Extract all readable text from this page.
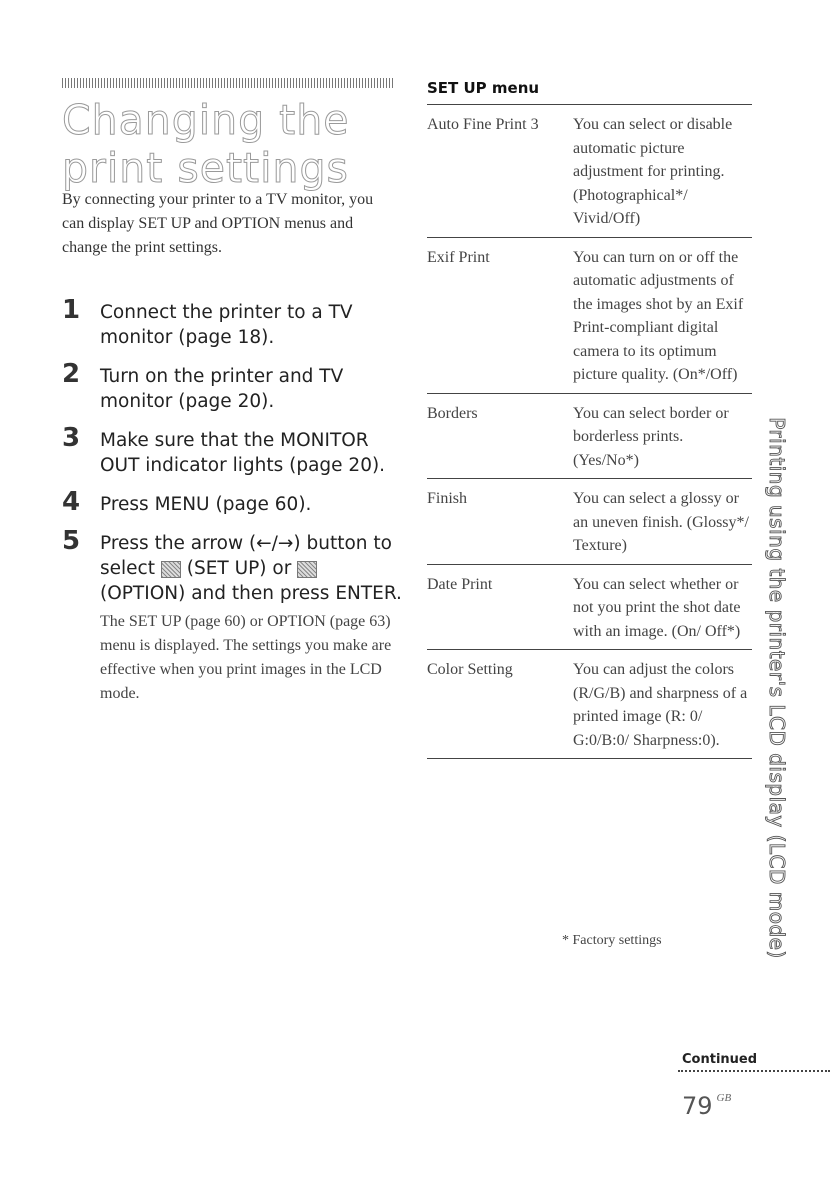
Changing the print settings

By connecting your printer to a TV monitor, you can display SET UP and OPTION menus and change the print settings.

1 Connect the printer to a TV monitor (page 18).
2 Turn on the printer and TV monitor (page 20).
3 Make sure that the MONITOR OUT indicator lights (page 20).
4 Press MENU (page 60).
5 Press the arrow (←/→) button to select (SET UP) or  (OPTION) and then press ENTER.
The SET UP (page 60) or OPTION (page 63) menu is displayed. The settings you make are effective when you print images in the LCD mode.
SET UP menu
Auto Fine Print 3	You can select or disable automatic picture adjustment for printing. (Photographical*/ Vivid/Off)
Exif Print	You can turn on or off the automatic adjustments of the images shot by an Exif Print-compliant digital camera to its optimum picture quality. (On*/Off)
Borders	You can select border or borderless prints. (Yes/No*)
Finish	You can select a glossy or an uneven finish. (Glossy*/ Texture)
Date Print	You can select whether or not you print the shot date with an image. (On/ Off*)
Color Setting	You can adjust the colors (R/G/B) and sharpness of a printed image (R: 0/ G:0/B:0/ Sharpness:0).
* Factory settings	Printing using the printer's LCD display (LCD mode)
Continued
79 $^{GB}$
